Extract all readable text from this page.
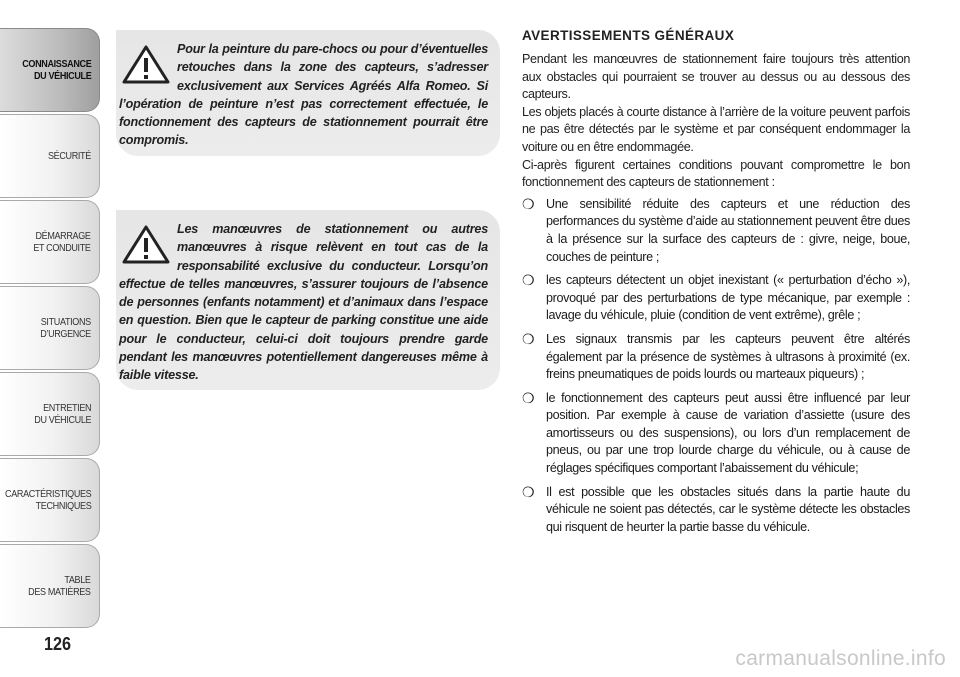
CONNAISSANCE
DU VÉHICULE
SÉCURITÉ
DÉMARRAGE
ET CONDUITE
SITUATIONS
D’URGENCE
ENTRETIEN
DU VÉHICULE
CARACTÉRISTIQUES
TECHNIQUES
TABLE
DES MATIÈRES
126

Pour la peinture du pare-chocs ou pour d’éventuelles retouches dans la zone des capteurs, s’adresser exclusivement aux Services Agréés Alfa Romeo. Si l’opération de peinture n’est pas correctement effectuée, le fonctionnement des capteurs de stationnement pourrait être compromis.

Les manœuvres de stationnement ou autres manœuvres à risque relèvent en tout cas de la responsabilité exclusive du conducteur. Lorsqu’on effectue de telles manœuvres, s’assurer toujours de l’absence de personnes (enfants notamment) et d’animaux dans l’espace en question. Bien que le capteur de parking constitue une aide pour le conducteur, celui-ci doit toujours prendre garde pendant les manœuvres potentiellement dangereuses même à faible vitesse.

AVERTISSEMENTS GÉNÉRAUX

Pendant les manœuvres de stationnement faire toujours très attention aux obstacles qui pourraient se trouver au dessus ou au dessous des capteurs.

Les objets placés à courte distance à l’arrière de la voiture peuvent parfois ne pas être détectés par le système et par conséquent endommager la voiture ou en être endommagée.

Ci-après figurent certaines conditions pouvant compromettre le bon fonctionnement des capteurs de stationnement :

❍ Une sensibilité réduite des capteurs et une réduction des performances du système d’aide au stationnement peuvent être dues à la présence sur la surface des capteurs de : givre, neige, boue, couches de peinture ;
❍ les capteurs détectent un objet inexistant (« perturbation d’écho »), provoqué par des perturbations de type mécanique, par exemple : lavage du véhicule, pluie (condition de vent extrême), grêle ;
❍ Les signaux transmis par les capteurs peuvent être altérés également par la présence de systèmes à ultrasons à proximité (ex. freins pneumatiques de poids lourds ou marteaux piqueurs) ;
❍ le fonctionnement des capteurs peut aussi être influencé par leur position. Par exemple à cause de variation d’assiette (usure des amortisseurs ou des suspensions), ou lors d’un remplacement de pneus, ou par une trop lourde charge du véhicule, ou à cause de réglages spécifiques comportant l’abaissement du véhicule;
❍ Il est possible que les obstacles situés dans la partie haute du véhicule ne soient pas détectés, car le système détecte les obstacles qui risquent de heurter la partie basse du véhicule.
carmanualsonline.info
